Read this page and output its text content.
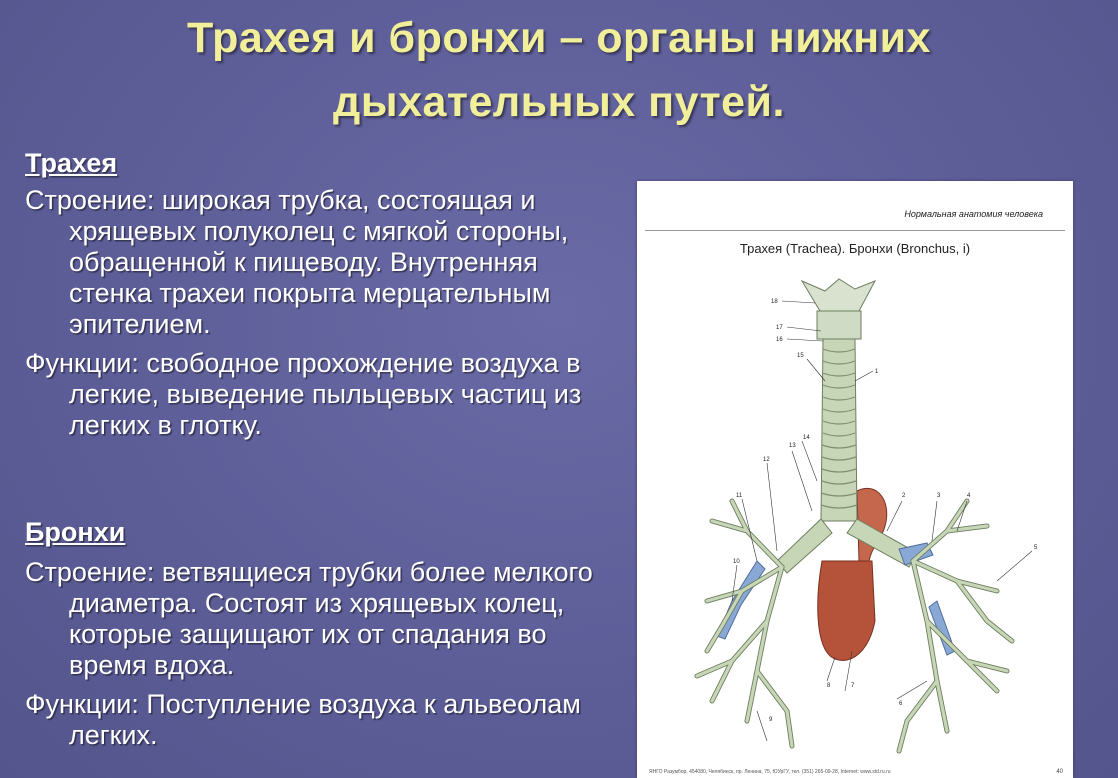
Трахея и бронхи – органы нижних
дыхательных путей.
Трахея
Строение: широкая трубка, состоящая и хрящевых полуколец с мягкой стороны, обращенной к пищеводу. Внутренняя стенка трахеи покрыта мерцательным эпителием.
Функции: свободное прохождение воздуха в легкие, выведение пыльцевых частиц из легких в глотку.
Бронхи
Строение: ветвящиеся трубки более мелкого диаметра. Состоят из хрящевых колец, которые защищают их от спадания во время вдоха.
Функции: Поступление воздуха к альвеолам легких.
Нормальная анатомия человека
Трахея (Trachea). Бронхи (Bronchus, i)
18
17
16
15
1
14
13
12
11
10
9
8	7
6
5
4
3
2
ЯНГО Разумбор, 454080, Челябинск, пр. Ленина, 75, ЮУрГУ, тел. (351) 265-09-28, Internet: www.std.ru.ru	40
